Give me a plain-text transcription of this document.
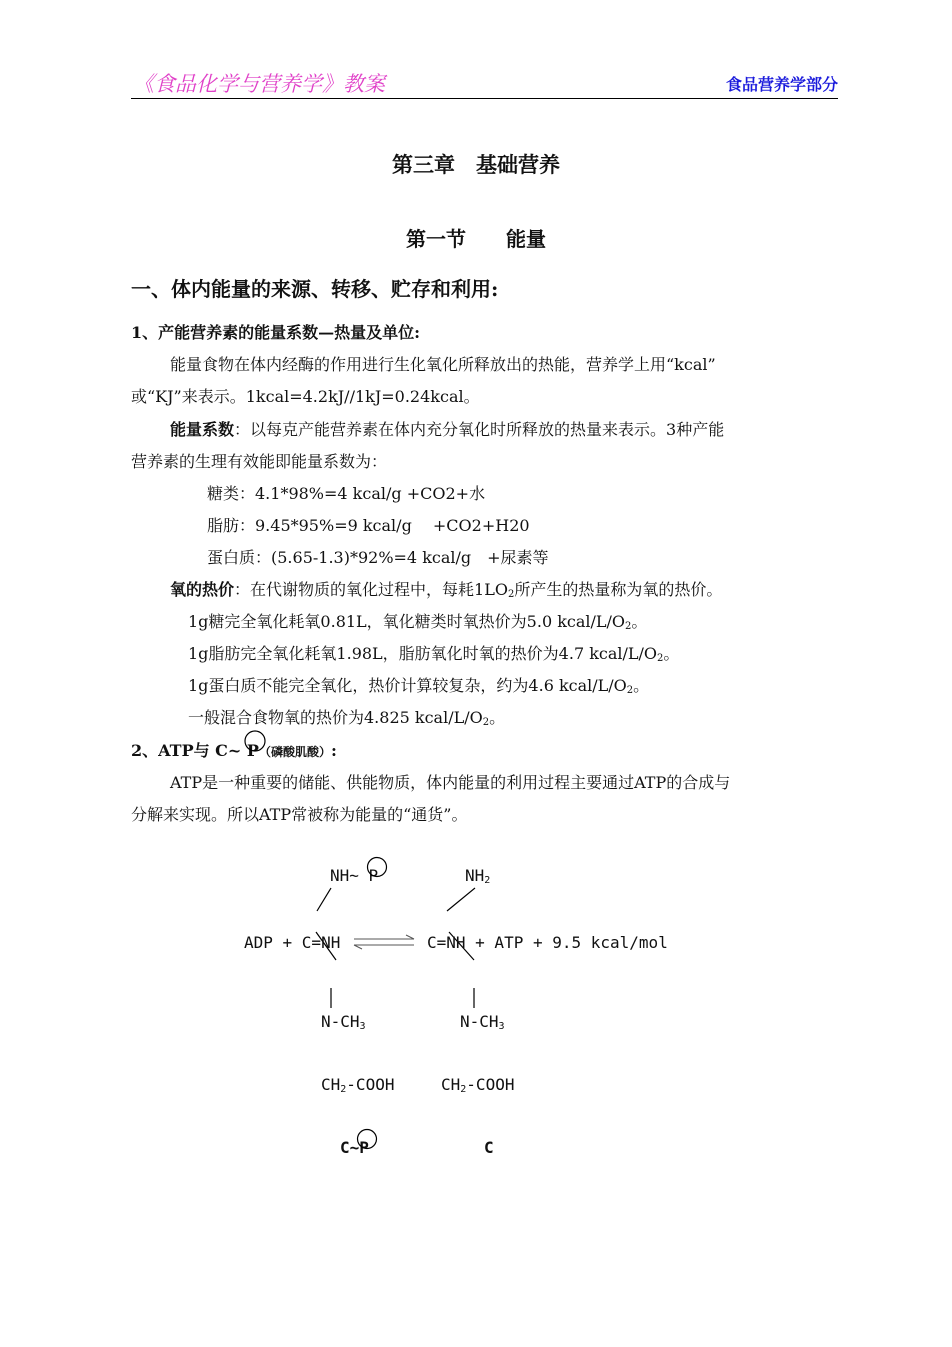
《食品化学与营养学》教案	食品营养学部分
第三章　基础营养
第一节　　能量
一、体内能量的来源、转移、贮存和利用:
1、产能营养素的能量系数—热量及单位:
能量食物在体内经酶的作用进行生化氧化所释放出的热能，营养学上用“kcal”
或“KJ”来表示。1kcal=4.2kJ//1kJ=0.24kcal。
能量系数：以每克产能营养素在体内充分氧化时所释放的热量来表示。3种产能
营养素的生理有效能即能量系数为：
糖类：4.1*98%=4 kcal/g +CO2+水
脂肪：9.45*95%=9 kcal/g　 +CO2+H20
蛋白质：(5.65-1.3)*92%=4 kcal/g　+尿素等
氧的热价：在代谢物质的氧化过程中，每耗$1LO_2$所产生的热量称为氧的热价。
1g糖完全氧化耗氧0.81L，氧化糖类时氧热价为5.0 kcal/$L/O_2$。
1g脂肪完全氧化耗氧1.98L，脂肪氧化时氧的热价为4.7 kcal/$L/O_2$。
1g蛋白质不能完全氧化，热价计算较复杂，约为4.6 kcal/$L/O_2$。
一般混合食物氧的热价为4.825 kcal/$L/O_2$。
2、ATP与 C~ P
（磷酸肌酸）:
ATP是一种重要的储能、供能物质，体内能量的利用过程主要通过ATP的合成与
分解来实现。所以ATP常被称为能量的“通货”。
NH~ P	$NH_2$
ADP + C=NH	C=NH + ATP + 9.5 kcal/mol
$N-CH_3$	$N-CH_3$
$CH_2$-COOH	$CH_2$-COOH
C~P	C
